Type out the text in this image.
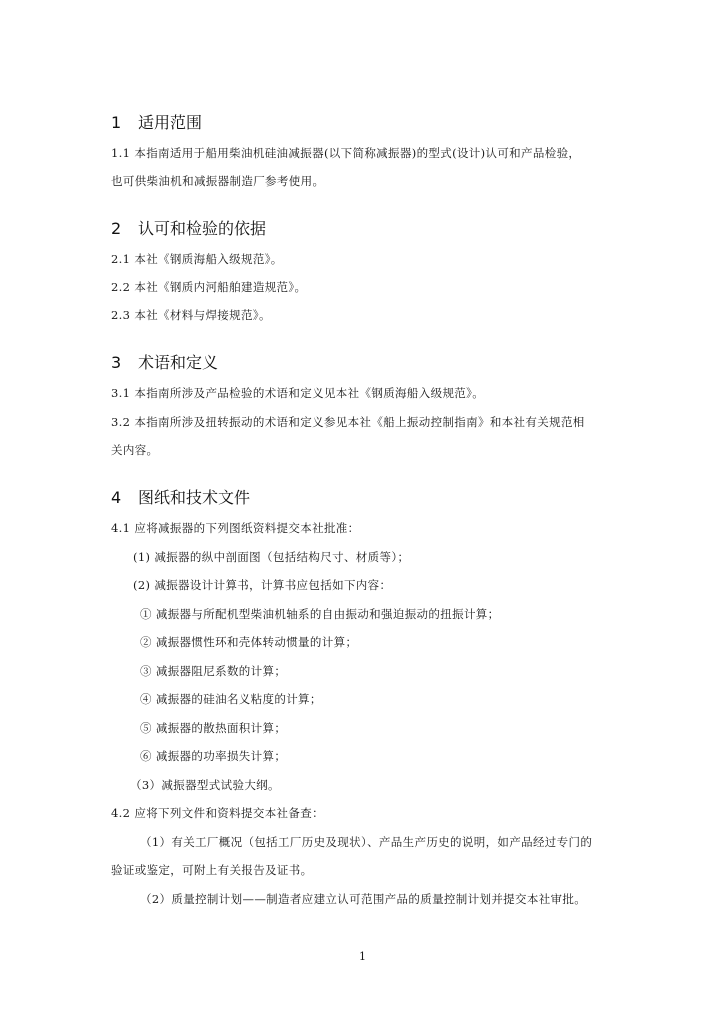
1 适用范围
1.1 本指南适用于船用柴油机硅油减振器(以下简称减振器)的型式(设计)认可和产品检验，
也可供柴油机和减振器制造厂参考使用。
2 认可和检验的依据
2.1 本社《钢质海船入级规范》。
2.2 本社《钢质内河船舶建造规范》。
2.3 本社《材料与焊接规范》。
3 术语和定义
3.1 本指南所涉及产品检验的术语和定义见本社《钢质海船入级规范》。
3.2 本指南所涉及扭转振动的术语和定义参见本社《船上振动控制指南》和本社有关规范相
关内容。
4 图纸和技术文件
4.1 应将减振器的下列图纸资料提交本社批准：
(1) 减振器的纵中剖面图（包括结构尺寸、材质等）；
(2) 减振器设计计算书，计算书应包括如下内容：
① 减振器与所配机型柴油机轴系的自由振动和强迫振动的扭振计算；
② 减振器惯性环和壳体转动惯量的计算；
③ 减振器阻尼系数的计算；
④ 减振器的硅油名义粘度的计算；
⑤ 减振器的散热面积计算；
⑥ 减振器的功率损失计算；
（3）减振器型式试验大纲。
4.2 应将下列文件和资料提交本社备查：
（1）有关工厂概况（包括工厂历史及现状）、产品生产历史的说明，如产品经过专门的
验证或鉴定，可附上有关报告及证书。
（2）质量控制计划——制造者应建立认可范围产品的质量控制计划并提交本社审批。
1
